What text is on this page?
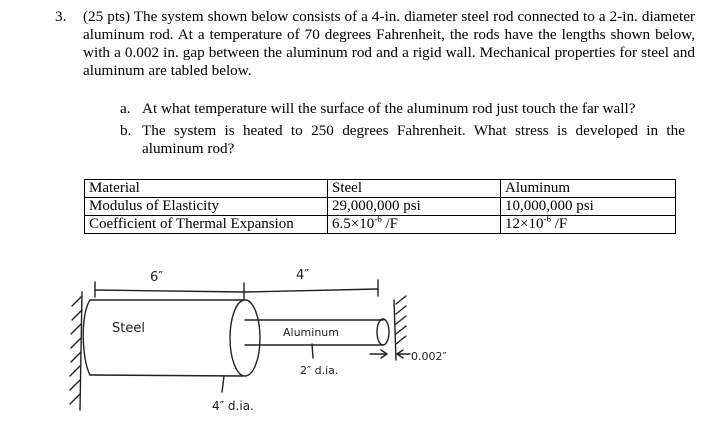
3. (25 pts) The system shown below consists of a 4-in. diameter steel rod connected to a 2-in. diameter aluminum rod. At a temperature of 70 degrees Fahrenheit, the rods have the lengths shown below, with a 0.002 in. gap between the aluminum rod and a rigid wall. Mechanical properties for steel and aluminum are tabled below.
a. At what temperature will the surface of the aluminum rod just touch the far wall?
b. The system is heated to 250 degrees Fahrenheit. What stress is developed in the aluminum rod?
Material	Steel	Aluminum
Modulus of Elasticity	29,000,000 psi	10,000,000 psi
Coefficient of Thermal Expansion	$6.5\times 10^{-6}$ /F	$12\times 10^{-6}$ /F
6″	4″
Steel	Aluminum
4″ d.ia.
2″ d.ia.
0.002″
